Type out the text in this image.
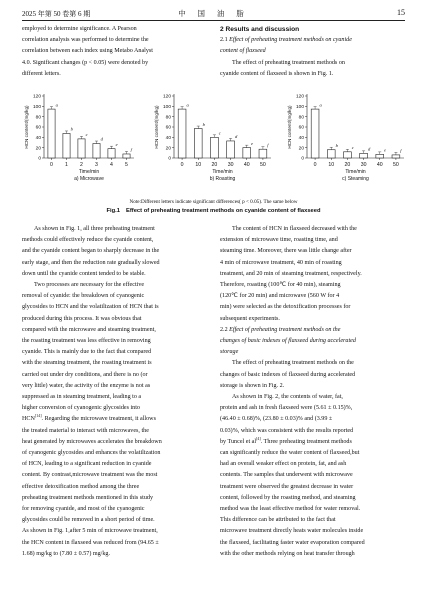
2025 年第 50 卷第 6 期	中 国 油 脂	15

employed to determine significance. A Pearson

correlation analysis was performed to determine the

correlation between each index using Metabo Analyst

4.0. Significant changes (p < 0.05) were denoted by

different letters.

2 Results and discussion

2.1 Effect of preheating treatment methods on cyanide

content of flaxseed

The effect of preheating treatment methods on

cyanide content of flaxseed is shown in Fig. 1.

HCN content/(mg/kg)
0
20
40
60
80
100
120
a
0
b
1
c
2
d
3
e
4
f
5
Time/min
a) Microwave
HCN content/(mg/kg)
0
20
40
60
80
100
120
a
0
b
10
c
20
d
30
e
40
f
50
Time/min
b) Roasting
HCN content/(mg/kg)
0
20
40
60
80
100
120
a
0
b
10
c
20
d
30
e
40
f
50
Time/min
c) Steaming
Note:Different letters indicate significant differences( p < 0.05). The same below
Fig.1 Effect of preheating treatment methods on cyanide content of flaxseed

As shown in Fig. 1, all three preheating treatment

methods could effectively reduce the cyanide content,

and the cyanide content began to sharply decrease in the

early stage, and then the reduction rate gradually slowed

down until the cyanide content tended to be stable.

Two processes are necessary for the effective

removal of cyanide: the breakdown of cyanogenic

glycosides to HCN and the volatilization of HCN that is

produced during this process. It was obvious that

compared with the microwave and steaming treatment,

the roasting treatment was less effective in removing

cyanide. This is mainly due to the fact that compared

with the steaming treatment, the roasting treatment is

carried out under dry conditions, and there is no (or

very little) water, the activity of the enzyme is not as

suppressed as in steaming treatment, leading to a

higher conversion of cyanogenic glycosides into

HCN[14]. Regarding the microwave treatment, it allows

the treated material to interact with microwaves, the

heat generated by microwaves accelerates the breakdown

of cyanogenic glycosides and enhances the volatilization

of HCN, leading to a significant reduction in cyanide

content. By contrast,microwave treatment was the most

effective detoxification method among the three

preheating treatment methods mentioned in this study

for removing cyanide, and most of the cyanogenic

glycosides could be removed in a short period of time.

As shown in Fig. 1,after 5 min of microwave treatment,

the HCN content in flaxseed was reduced from (94.65 ±

1.68) mg/kg to (7.80 ± 0.57) mg/kg.

The content of HCN in flaxseed decreased with the

extension of microwave time, roasting time, and

steaming time. Moreover, there was little change after

4 min of microwave treatment, 40 min of roasting

treatment, and 20 min of steaming treatment, respectively.

Therefore, roasting (100℃ for 40 min), steaming

(120℃ for 20 min) and microwave (560 W for 4

min) were selected as the detoxification processes for

subsequent experiments.

2.2 Effect of preheating treatment methods on the

changes of basic indexes of flaxseed during accelerated

storage

The effect of preheating treatment methods on the

changes of basic indexes of flaxseed during accelerated

storage is shown in Fig. 2.

As shown in Fig. 2, the contents of water, fat,

protein and ash in fresh flaxseed were (5.61 ± 0.15)%,

(46.40 ± 0.68)%, (23.80 ± 0.03)% and (3.99 ±

0.03)%, which was consistent with the results reported

by Tuncel et al[4]. Three preheating treatment methods

can significantly reduce the water content of flaxseed,but

had an overall weaker effect on protein, fat, and ash

contents. The samples that underwent with microwave

treatment were observed the greatest decrease in water

content, followed by the roasting method, and steaming

method was the least effective method for water removal.

This difference can be attributed to the fact that

microwave treatment directly heats water molecules inside

the flaxseed, facilitating faster water evaporation compared

with the other methods relying on heat transfer through
